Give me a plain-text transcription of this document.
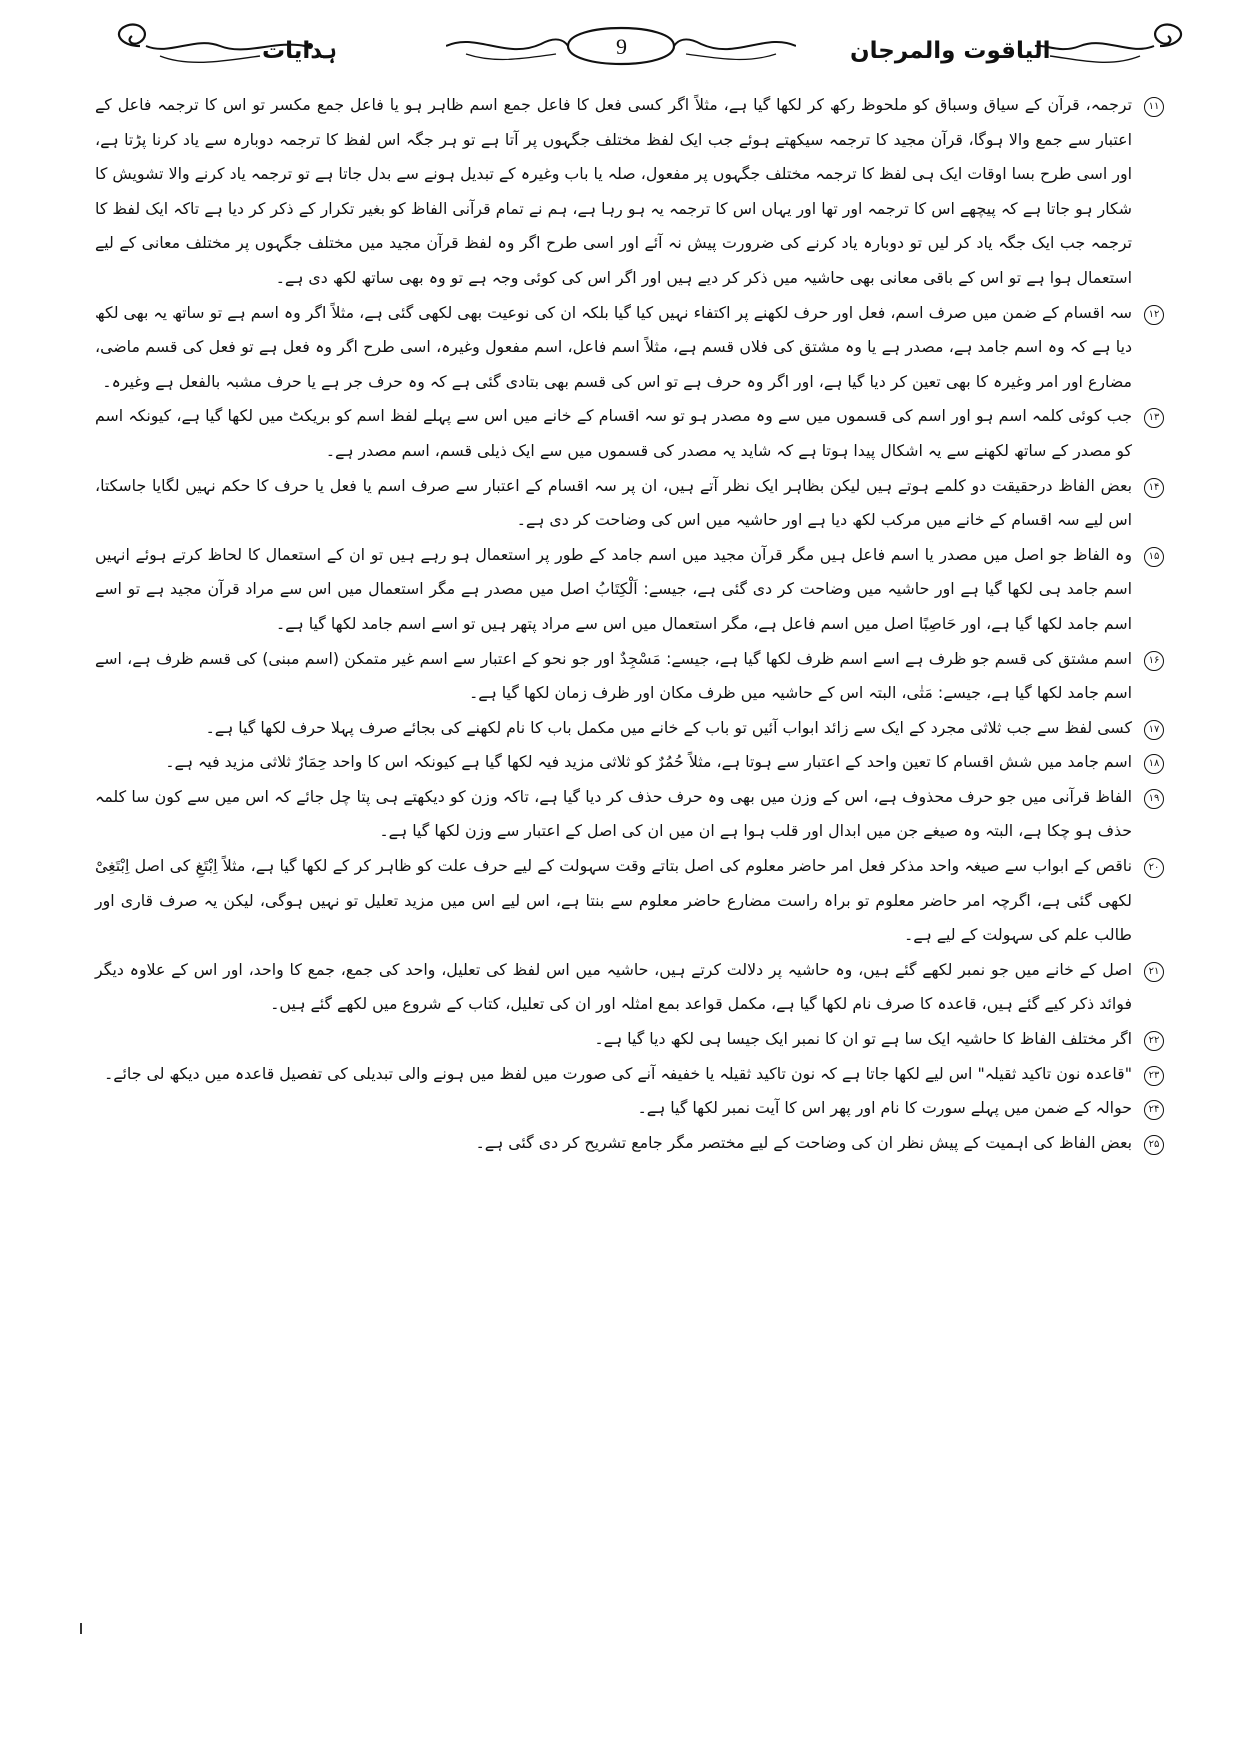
الیاقوت والمرجان
9
ہدایات

۱۱
ترجمہ، قرآن کے سیاق وسباق کو ملحوظ رکھ کر لکھا گیا ہے، مثلاً اگر کسی فعل کا فاعل جمع اسم ظاہر ہو یا فاعل جمع مکسر تو اس کا ترجمہ فاعل کے اعتبار سے جمع والا ہوگا، قرآن مجید کا ترجمہ سیکھتے ہوئے جب ایک لفظ مختلف جگہوں پر آتا ہے تو ہر جگہ اس لفظ کا ترجمہ دوبارہ سے یاد کرنا پڑتا ہے، اور اسی طرح بسا اوقات ایک ہی لفظ کا ترجمہ مختلف جگہوں پر مفعول، صلہ یا باب وغیرہ کے تبدیل ہونے سے بدل جاتا ہے تو ترجمہ یاد کرنے والا تشویش کا شکار ہو جاتا ہے کہ پیچھے اس کا ترجمہ اور تھا اور یہاں اس کا ترجمہ یہ ہو رہا ہے، ہم نے تمام قرآنی الفاظ کو بغیر تکرار کے ذکر کر دیا ہے تاکہ ایک لفظ کا ترجمہ جب ایک جگہ یاد کر لیں تو دوبارہ یاد کرنے کی ضرورت پیش نہ آئے اور اسی طرح اگر وہ لفظ قرآن مجید میں مختلف جگہوں پر مختلف معانی کے لیے استعمال ہوا ہے تو اس کے باقی معانی بھی حاشیہ میں ذکر کر دیے ہیں اور اگر اس کی کوئی وجہ ہے تو وہ بھی ساتھ لکھ دی ہے۔

۱۲
سہ اقسام کے ضمن میں صرف اسم، فعل اور حرف لکھنے پر اکتفاء نہیں کیا گیا بلکہ ان کی نوعیت بھی لکھی گئی ہے، مثلاً اگر وہ اسم ہے تو ساتھ یہ بھی لکھ دیا ہے کہ وہ اسم جامد ہے، مصدر ہے یا وہ مشتق کی فلاں قسم ہے، مثلاً اسم فاعل، اسم مفعول وغیرہ، اسی طرح اگر وہ فعل ہے تو فعل کی قسم ماضی، مضارع اور امر وغیرہ کا بھی تعین کر دیا گیا ہے، اور اگر وہ حرف ہے تو اس کی قسم بھی بتادی گئی ہے کہ وہ حرف جر ہے یا حرف مشبہ بالفعل ہے وغیرہ۔

۱۳
جب کوئی کلمہ اسم ہو اور اسم کی قسموں میں سے وہ مصدر ہو تو سہ اقسام کے خانے میں اس سے پہلے لفظ اسم کو بریکٹ میں لکھا گیا ہے، کیونکہ اسم کو مصدر کے ساتھ لکھنے سے یہ اشکال پیدا ہوتا ہے کہ شاید یہ مصدر کی قسموں میں سے ایک ذیلی قسم، اسم مصدر ہے۔

۱۴
بعض الفاظ درحقیقت دو کلمے ہوتے ہیں لیکن بظاہر ایک نظر آتے ہیں، ان پر سہ اقسام کے اعتبار سے صرف اسم یا فعل یا حرف کا حکم نہیں لگایا جاسکتا، اس لیے سہ اقسام کے خانے میں مرکب لکھ دیا ہے اور حاشیہ میں اس کی وضاحت کر دی ہے۔

۱۵
وہ الفاظ جو اصل میں مصدر یا اسم فاعل ہیں مگر قرآن مجید میں اسم جامد کے طور پر استعمال ہو رہے ہیں تو ان کے استعمال کا لحاظ کرتے ہوئے انہیں اسم جامد ہی لکھا گیا ہے اور حاشیہ میں وضاحت کر دی گئی ہے، جیسے: اَلْکِتَابُ اصل میں مصدر ہے مگر استعمال میں اس سے مراد قرآن مجید ہے تو اسے اسم جامد لکھا گیا ہے، اور حَاصِبًا اصل میں اسم فاعل ہے، مگر استعمال میں اس سے مراد پتھر ہیں تو اسے اسم جامد لکھا گیا ہے۔

۱۶
اسم مشتق کی قسم جو ظرف ہے اسے اسم ظرف لکھا گیا ہے، جیسے: مَسْجِدٌ اور جو نحو کے اعتبار سے اسم غیر متمکن (اسم مبنی) کی قسم ظرف ہے، اسے اسم جامد لکھا گیا ہے، جیسے: مَتٰی، البتہ اس کے حاشیہ میں ظرف مکان اور ظرف زمان لکھا گیا ہے۔

۱۷
کسی لفظ سے جب ثلاثی مجرد کے ایک سے زائد ابواب آئیں تو باب کے خانے میں مکمل باب کا نام لکھنے کی بجائے صرف پہلا حرف لکھا گیا ہے۔

۱۸
اسم جامد میں شش اقسام کا تعین واحد کے اعتبار سے ہوتا ہے، مثلاً حُمُرٌ کو ثلاثی مزید فیہ لکھا گیا ہے کیونکہ اس کا واحد حِمَارٌ ثلاثی مزید فیہ ہے۔

۱۹
الفاظ قرآنی میں جو حرف محذوف ہے، اس کے وزن میں بھی وہ حرف حذف کر دیا گیا ہے، تاکہ وزن کو دیکھتے ہی پتا چل جائے کہ اس میں سے کون سا کلمہ حذف ہو چکا ہے، البتہ وہ صیغے جن میں ابدال اور قلب ہوا ہے ان میں ان کی اصل کے اعتبار سے وزن لکھا گیا ہے۔

۲۰
ناقص کے ابواب سے صیغہ واحد مذکر فعل امر حاضر معلوم کی اصل بتاتے وقت سہولت کے لیے حرف علت کو ظاہر کر کے لکھا گیا ہے، مثلاً اِبْتَغِ کی اصل اِبْتَغِیْ لکھی گئی ہے، اگرچہ امر حاضر معلوم تو براہ راست مضارع حاضر معلوم سے بنتا ہے، اس لیے اس میں مزید تعلیل تو نہیں ہوگی، لیکن یہ صرف قاری اور طالب علم کی سہولت کے لیے ہے۔

۲۱
اصل کے خانے میں جو نمبر لکھے گئے ہیں، وہ حاشیہ پر دلالت کرتے ہیں، حاشیہ میں اس لفظ کی تعلیل، واحد کی جمع، جمع کا واحد، اور اس کے علاوہ دیگر فوائد ذکر کیے گئے ہیں، قاعدہ کا صرف نام لکھا گیا ہے، مکمل قواعد بمع امثلہ اور ان کی تعلیل، کتاب کے شروع میں لکھے گئے ہیں۔

۲۲
اگر مختلف الفاظ کا حاشیہ ایک سا ہے تو ان کا نمبر ایک جیسا ہی لکھ دیا گیا ہے۔

۲۳
"قاعدہ نون تاکید ثقیلہ" اس لیے لکھا جاتا ہے کہ نون تاکید ثقیلہ یا خفیفہ آنے کی صورت میں لفظ میں ہونے والی تبدیلی کی تفصیل قاعدہ میں دیکھ لی جائے۔

۲۴
حوالہ کے ضمن میں پہلے سورت کا نام اور پھر اس کا آیت نمبر لکھا گیا ہے۔

۲۵
بعض الفاظ کی اہمیت کے پیش نظر ان کی وضاحت کے لیے مختصر مگر جامع تشریح کر دی گئی ہے۔
